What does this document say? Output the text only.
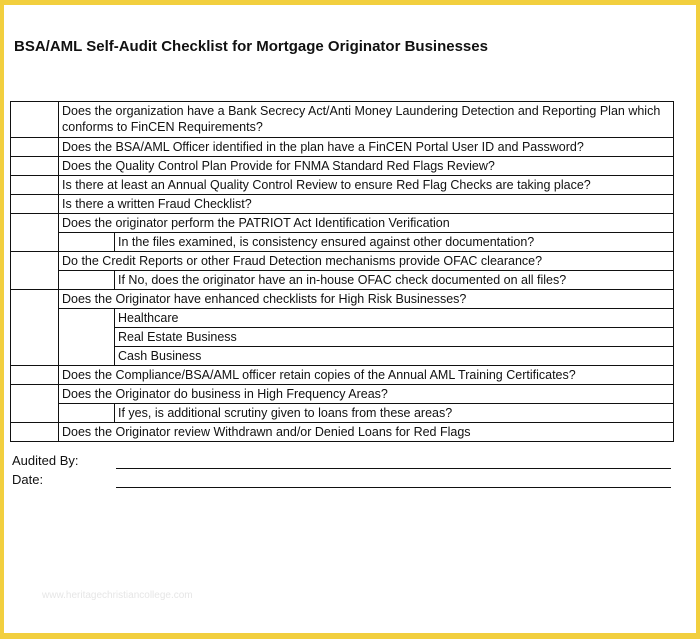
BSA/AML Self-Audit Checklist for Mortgage Originator Businesses
	Does the organization have a Bank Secrecy Act/Anti Money Laundering Detection and Reporting Plan which conforms to FinCEN Requirements?	
	Does the BSA/AML Officer identified in the plan have a FinCEN Portal User ID and Password?	
	Does the Quality Control Plan Provide for FNMA Standard Red Flags Review?	
	Is there at least an Annual Quality Control Review to ensure Red Flag Checks are taking place?	
	Is there a written Fraud Checklist?	
	Does the originator perform the PATRIOT Act Identification Verification	
		In the files examined, is consistency ensured against other documentation?
	Do the Credit Reports or other Fraud Detection mechanisms provide OFAC clearance?	
		If No, does the originator have an in-house OFAC check documented on all files?
	Does the Originator have enhanced checklists for High Risk Businesses?	
		Healthcare
		Real Estate Business
		Cash Business
	Does the Compliance/BSA/AML officer retain copies of the Annual AML Training Certificates?	
	Does the Originator do business in High Frequency Areas?	
		If yes, is additional scrutiny given to loans from these areas?
	Does the Originator review Withdrawn and/or Denied Loans for Red Flags	
Audited By:
Date:
www.heritagechristiancollege.com
